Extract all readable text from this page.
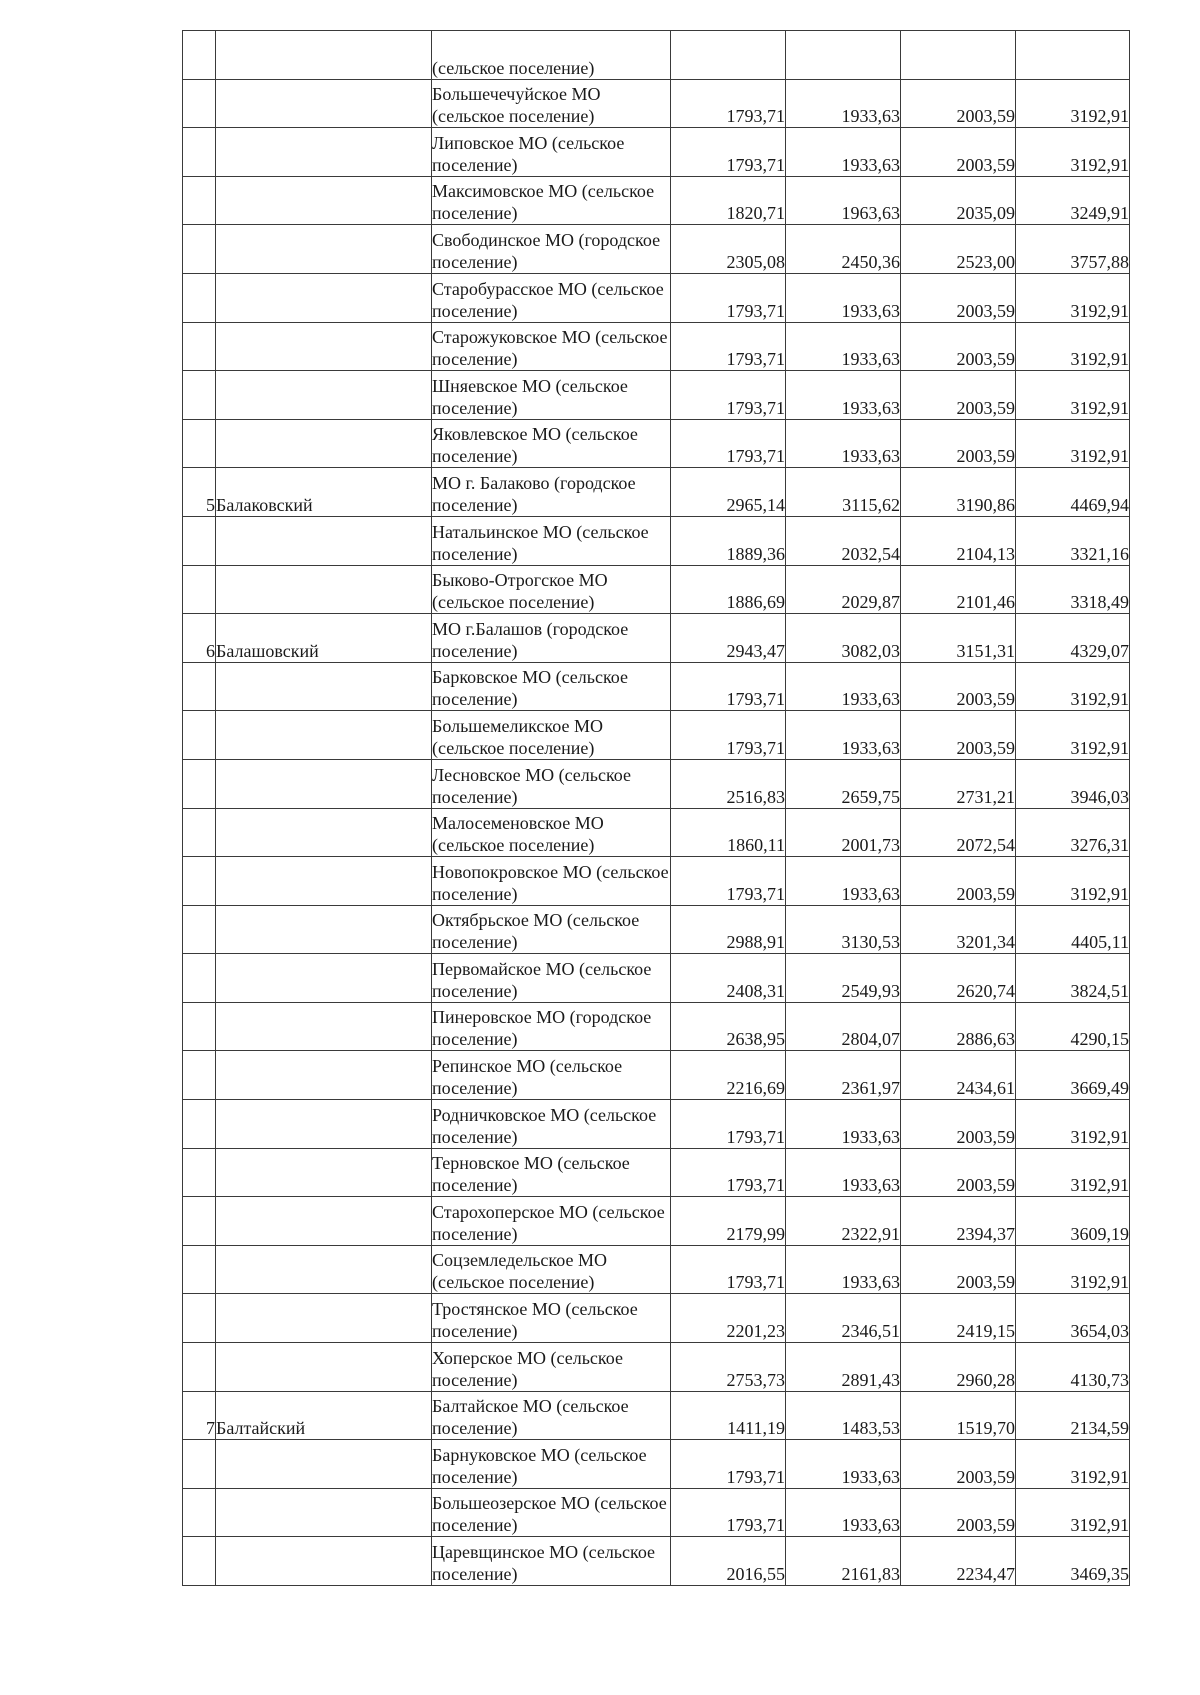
		(сельское поселение)				
		Большечечуйское МО (сельское поселение)	1793,71	1933,63	2003,59	3192,91
		Липовское МО (сельское поселение)	1793,71	1933,63	2003,59	3192,91
		Максимовское МО (сельское поселение)	1820,71	1963,63	2035,09	3249,91
		Свободинское МО (городское поселение)	2305,08	2450,36	2523,00	3757,88
		Старобурасское МО (сельское поселение)	1793,71	1933,63	2003,59	3192,91
		Старожуковское МО (сельское поселение)	1793,71	1933,63	2003,59	3192,91
		Шняевское МО (сельское поселение)	1793,71	1933,63	2003,59	3192,91
		Яковлевское МО (сельское поселение)	1793,71	1933,63	2003,59	3192,91
5	Балаковский	МО г. Балаково (городское поселение)	2965,14	3115,62	3190,86	4469,94
		Натальинское МО (сельское поселение)	1889,36	2032,54	2104,13	3321,16
		Быково-Отрогское МО (сельское поселение)	1886,69	2029,87	2101,46	3318,49
6	Балашовский	МО г.Балашов (городское поселение)	2943,47	3082,03	3151,31	4329,07
		Барковское МО (сельское поселение)	1793,71	1933,63	2003,59	3192,91
		Большемеликское МО (сельское поселение)	1793,71	1933,63	2003,59	3192,91
		Лесновское МО (сельское поселение)	2516,83	2659,75	2731,21	3946,03
		Малосеменовское МО (сельское поселение)	1860,11	2001,73	2072,54	3276,31
		Новопокровское МО (сельское поселение)	1793,71	1933,63	2003,59	3192,91
		Октябрьское МО (сельское поселение)	2988,91	3130,53	3201,34	4405,11
		Первомайское МО (сельское поселение)	2408,31	2549,93	2620,74	3824,51
		Пинеровское МО (городское поселение)	2638,95	2804,07	2886,63	4290,15
		Репинское МО (сельское поселение)	2216,69	2361,97	2434,61	3669,49
		Родничковское МО (сельское поселение)	1793,71	1933,63	2003,59	3192,91
		Терновское МО (сельское поселение)	1793,71	1933,63	2003,59	3192,91
		Старохоперское МО (сельское поселение)	2179,99	2322,91	2394,37	3609,19
		Соцземледельское МО (сельское поселение)	1793,71	1933,63	2003,59	3192,91
		Тростянское МО (сельское поселение)	2201,23	2346,51	2419,15	3654,03
		Хоперское МО (сельское поселение)	2753,73	2891,43	2960,28	4130,73
7	Балтайский	Балтайское МО (сельское поселение)	1411,19	1483,53	1519,70	2134,59
		Барнуковское МО (сельское поселение)	1793,71	1933,63	2003,59	3192,91
		Большеозерское МО (сельское поселение)	1793,71	1933,63	2003,59	3192,91
		Царевщинское МО (сельское поселение)	2016,55	2161,83	2234,47	3469,35
